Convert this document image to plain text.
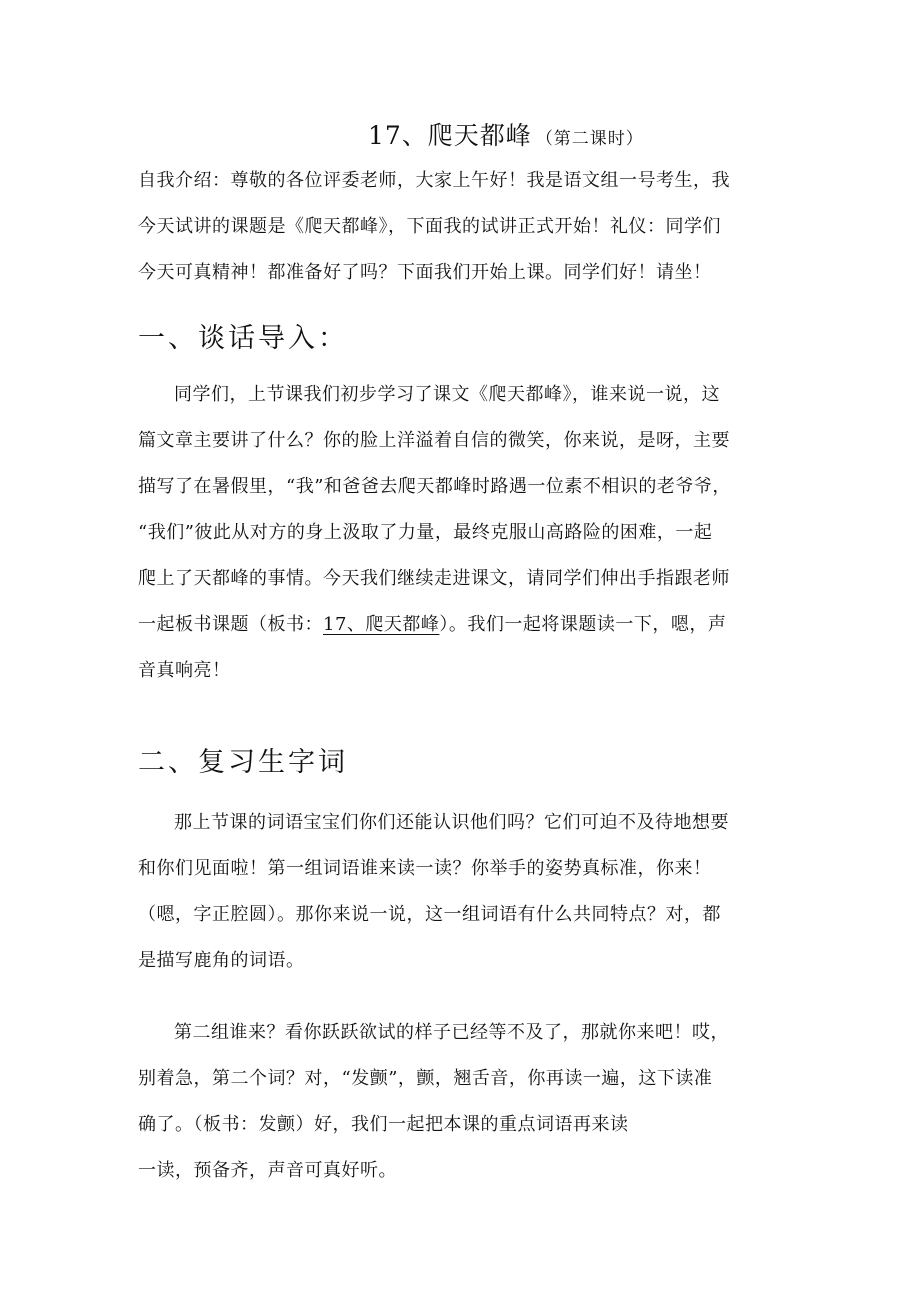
17、爬天都峰 （第二课时）
自我介绍：尊敬的各位评委老师，大家上午好！我是语文组一号考生，我
今天试讲的课题是《爬天都峰》，下面我的试讲正式开始！礼仪：同学们
今天可真精神！都准备好了吗？下面我们开始上课。同学们好！请坐！
一、谈话导入：
同学们，上节课我们初步学习了课文《爬天都峰》，谁来说一说，这
篇文章主要讲了什么？你的脸上洋溢着自信的微笑，你来说，是呀，主要
描写了在暑假里，“我”和爸爸去爬天都峰时路遇一位素不相识的老爷爷，
“我们”彼此从对方的身上汲取了力量，最终克服山高路险的困难，一起
爬上了天都峰的事情。今天我们继续走进课文，请同学们伸出手指跟老师
一起板书课题（板书：17、爬天都峰）。我们一起将课题读一下，嗯，声
音真响亮！
二、复习生字词
那上节课的词语宝宝们你们还能认识他们吗？它们可迫不及待地想要
和你们见面啦！第一组词语谁来读一读？你举手的姿势真标准，你来！
（嗯，字正腔圆）。那你来说一说，这一组词语有什么共同特点？对，都
是描写鹿角的词语。
第二组谁来？看你跃跃欲试的样子已经等不及了，那就你来吧！哎，
别着急，第二个词？对，“发颤”，颤，翘舌音，你再读一遍，这下读准
确了。（板书：发颤）好，我们一起把本课的重点词语再来读
一读，预备齐，声音可真好听。
